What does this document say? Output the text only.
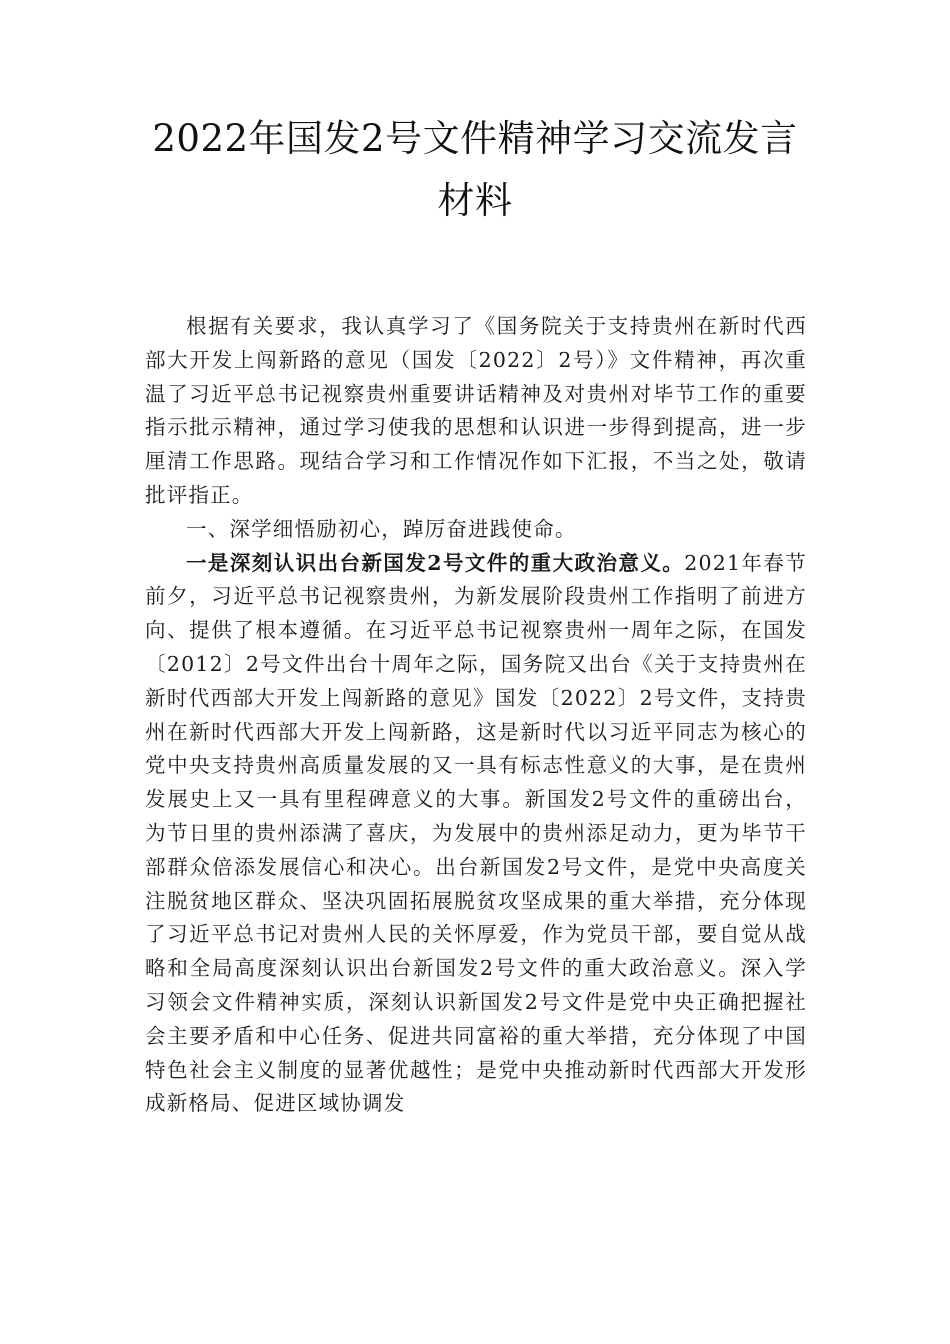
2022年国发2号文件精神学习交流发言材料

根据有关要求，我认真学习了《国务院关于支持贵州在新时代西部大开发上闯新路的意见（国发〔2022〕2号）》文件精神，再次重温了习近平总书记视察贵州重要讲话精神及对贵州对毕节工作的重要指示批示精神，通过学习使我的思想和认识进一步得到提高，进一步厘清工作思路。现结合学习和工作情况作如下汇报，不当之处，敬请批评指正。

一、深学细悟励初心，踔厉奋进践使命。

一是深刻认识出台新国发2号文件的重大政治意义。2021年春节前夕，习近平总书记视察贵州，为新发展阶段贵州工作指明了前进方向、提供了根本遵循。在习近平总书记视察贵州一周年之际，在国发〔2012〕2号文件出台十周年之际，国务院又出台《关于支持贵州在新时代西部大开发上闯新路的意见》国发〔2022〕2号文件，支持贵州在新时代西部大开发上闯新路，这是新时代以习近平同志为核心的党中央支持贵州高质量发展的又一具有标志性意义的大事，是在贵州发展史上又一具有里程碑意义的大事。新国发2号文件的重磅出台，为节日里的贵州添满了喜庆，为发展中的贵州添足动力，更为毕节干部群众倍添发展信心和决心。出台新国发2号文件，是党中央高度关注脱贫地区群众、坚决巩固拓展脱贫攻坚成果的重大举措，充分体现了习近平总书记对贵州人民的关怀厚爱，作为党员干部，要自觉从战略和全局高度深刻认识出台新国发2号文件的重大政治意义。深入学习领会文件精神实质，深刻认识新国发2号文件是党中央正确把握社会主要矛盾和中心任务、促进共同富裕的重大举措，充分体现了中国特色社会主义制度的显著优越性；是党中央推动新时代西部大开发形成新格局、促进区域协调发
